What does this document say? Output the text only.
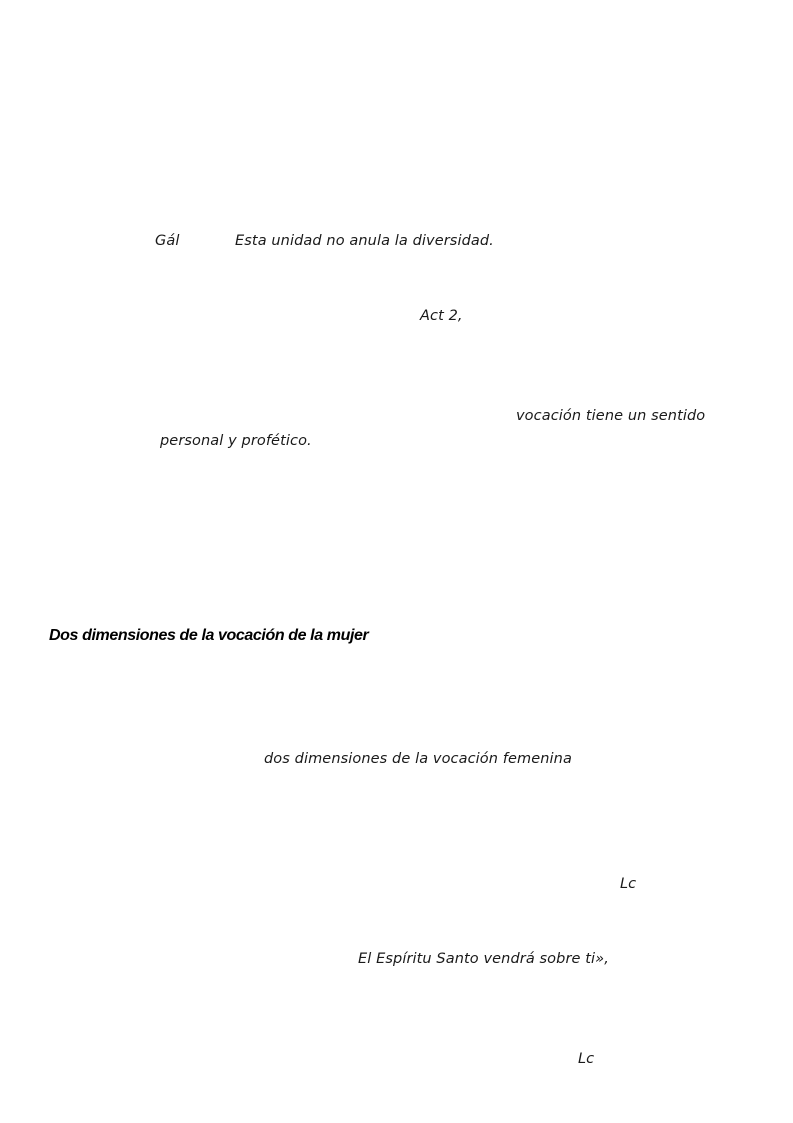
Gál	Esta unidad no anula la diversidad.
Act 2,
vocación tiene un sentido
personal y profético.
Dos dimensiones de la vocación de la mujer
dos dimensiones de la vocación femenina
Lc
El Espíritu Santo vendrá sobre ti»,
Lc
